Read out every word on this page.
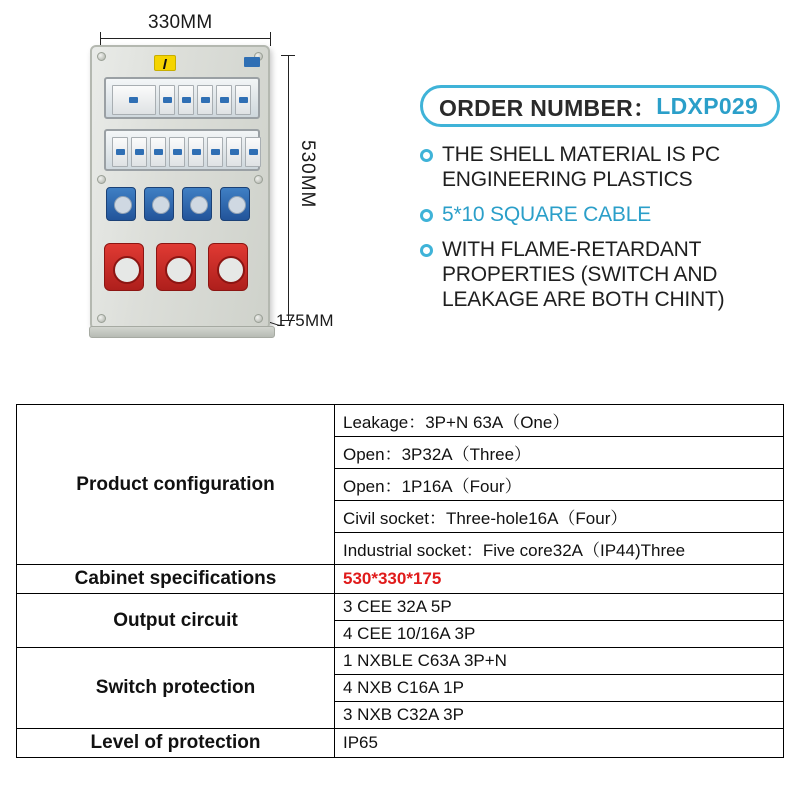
330MM
530MM
175MM
ORDER NUMBER： LDXP029
THE SHELL MATERIAL IS PC ENGINEERING PLASTICS
5*10 SQUARE CABLE
WITH FLAME-RETARDANT PROPERTIES (SWITCH AND LEAKAGE ARE BOTH CHINT)
Product configuration	Leakage：3P+N 63A（One）
	Open：3P32A（Three）
	Open：1P16A（Four）
	Civil socket：Three-hole16A（Four）
	Industrial socket：Five core32A（IP44)Three
Cabinet specifications	530*330*175
Output circuit	3 CEE 32A 5P
	4 CEE 10/16A 3P
Switch protection	1 NXBLE C63A 3P+N
	4 NXB C16A 1P
	3 NXB C32A 3P
Level of protection	IP65
